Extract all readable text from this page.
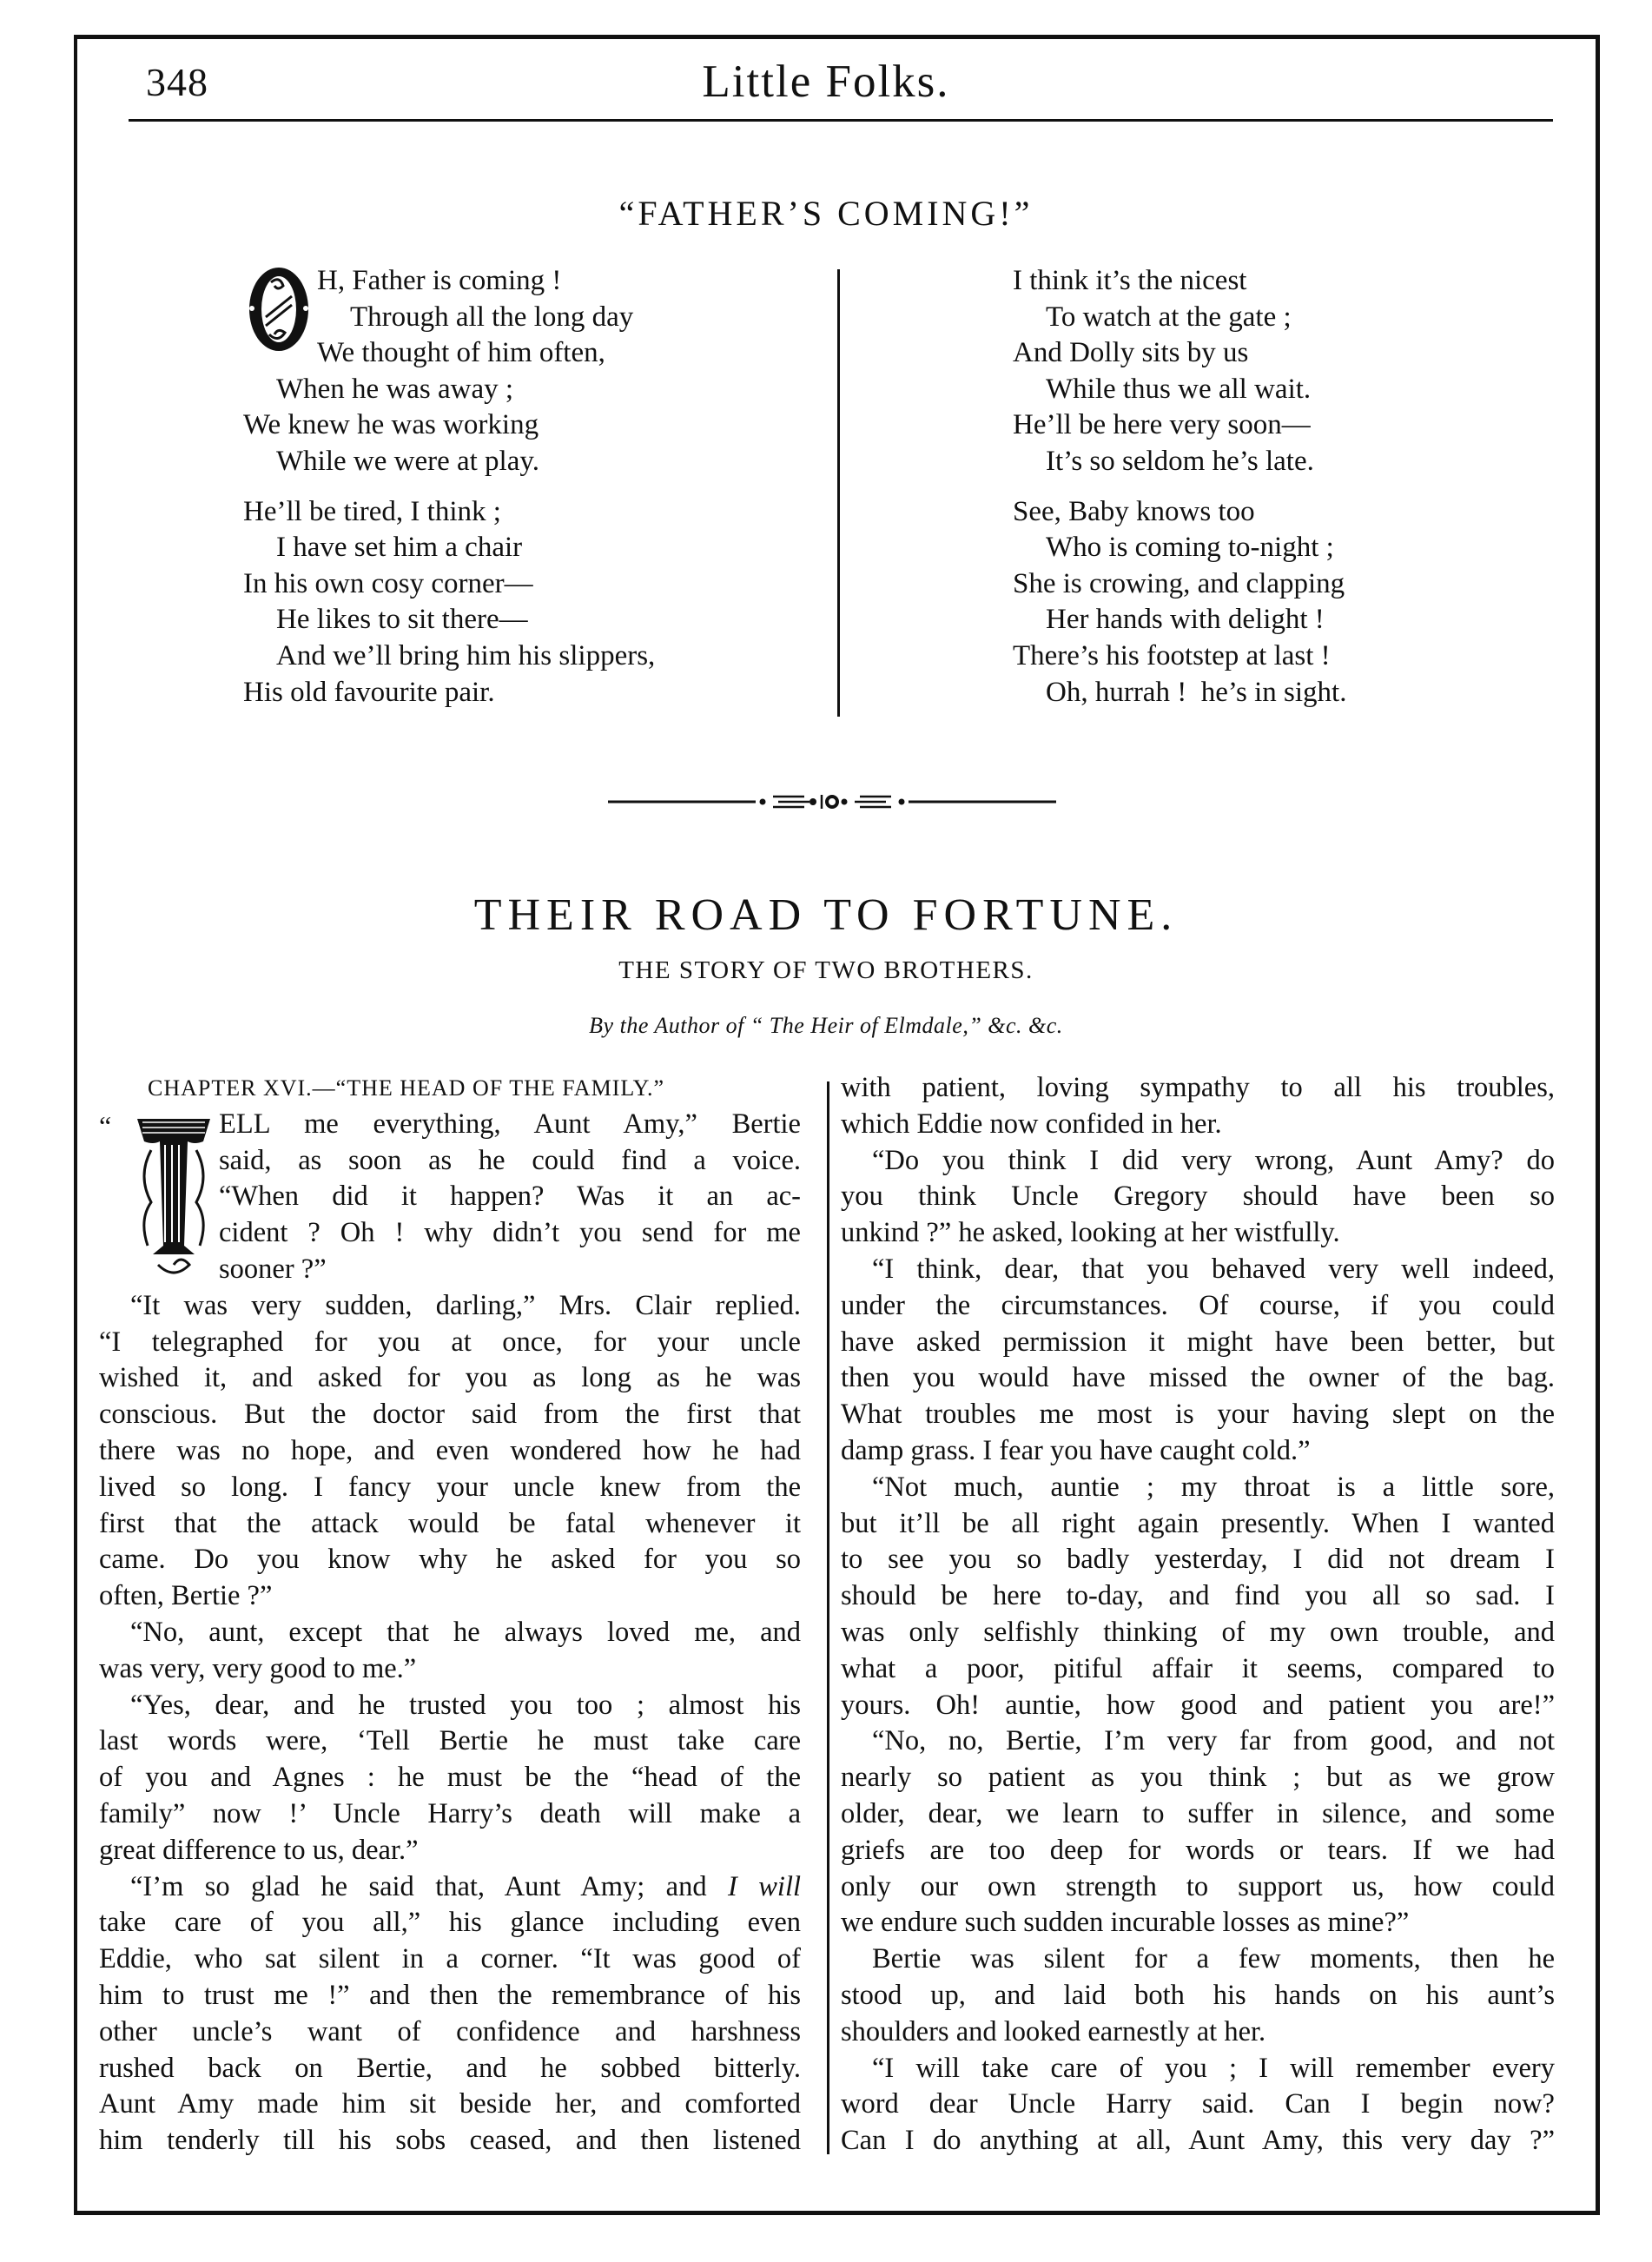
348	Little Folks.
“FATHER’S COMING!”
H, Father is coming !
Through all the long day
We thought of him often,
When he was away ;
We knew he was working
While we were at play.
He’ll be tired, I think ;
I have set him a chair
In his own cosy corner—
He likes to sit there—
And we’ll bring him his slippers,
His old favourite pair.
I think it’s the nicest
To watch at the gate ;
And Dolly sits by us
While thus we all wait.
He’ll be here very soon—
It’s so seldom he’s late.
See, Baby knows too
Who is coming to-night ;
She is crowing, and clapping
Her hands with delight !
There’s his footstep at last !
Oh, hurrah !  he’s in sight.
THEIR ROAD TO FORTUNE.
THE STORY OF TWO BROTHERS.
By the Author of “ The Heir of Elmdale,” &c. &c.
CHAPTER XVI.—“THE HEAD OF THE FAMILY.”
“	ELL me everything, Aunt Amy,” Bertie
said, as soon as he could find a voice.
“When did it happen? Was it an ac-
cident ? Oh ! why didn’t you send for me
sooner ?”
“It was very sudden, darling,” Mrs. Clair replied.
“I telegraphed for you at once, for your uncle
wished it, and asked for you as long as he was
conscious. But the doctor said from the first that
there was no hope, and even wondered how he had
lived so long. I fancy your uncle knew from the
first that the attack would be fatal whenever it
came. Do you know why he asked for you so
often, Bertie ?”
“No, aunt, except that he always loved me, and
was very, very good to me.”
“Yes, dear, and he trusted you too ; almost his
last words were, ‘Tell Bertie he must take care
of you and Agnes : he must be the “head of the
family” now !’ Uncle Harry’s death will make a
great difference to us, dear.”
“I’m so glad he said that, Aunt Amy; and I will
take care of you all,” his glance including even
Eddie, who sat silent in a corner. “It was good of
him to trust me !” and then the remembrance of his
other uncle’s want of confidence and harshness
rushed back on Bertie, and he sobbed bitterly.
Aunt Amy made him sit beside her, and comforted
him tenderly till his sobs ceased, and then listened
with patient, loving sympathy to all his troubles,
which Eddie now confided in her.
“Do you think I did very wrong, Aunt Amy? do
you think Uncle Gregory should have been so
unkind ?” he asked, looking at her wistfully.
“I think, dear, that you behaved very well indeed,
under the circumstances. Of course, if you could
have asked permission it might have been better, but
then you would have missed the owner of the bag.
What troubles me most is your having slept on the
damp grass. I fear you have caught cold.”
“Not much, auntie ; my throat is a little sore,
but it’ll be all right again presently. When I wanted
to see you so badly yesterday, I did not dream I
should be here to-day, and find you all so sad. I
was only selfishly thinking of my own trouble, and
what a poor, pitiful affair it seems, compared to
yours. Oh! auntie, how good and patient you are!”
“No, no, Bertie, I’m very far from good, and not
nearly so patient as you think ; but as we grow
older, dear, we learn to suffer in silence, and some
griefs are too deep for words or tears. If we had
only our own strength to support us, how could
we endure such sudden incurable losses as mine?”
Bertie was silent for a few moments, then he
stood up, and laid both his hands on his aunt’s
shoulders and looked earnestly at her.
“I will take care of you ; I will remember every
word dear Uncle Harry said. Can I begin now?
Can I do anything at all, Aunt Amy, this very day ?”
